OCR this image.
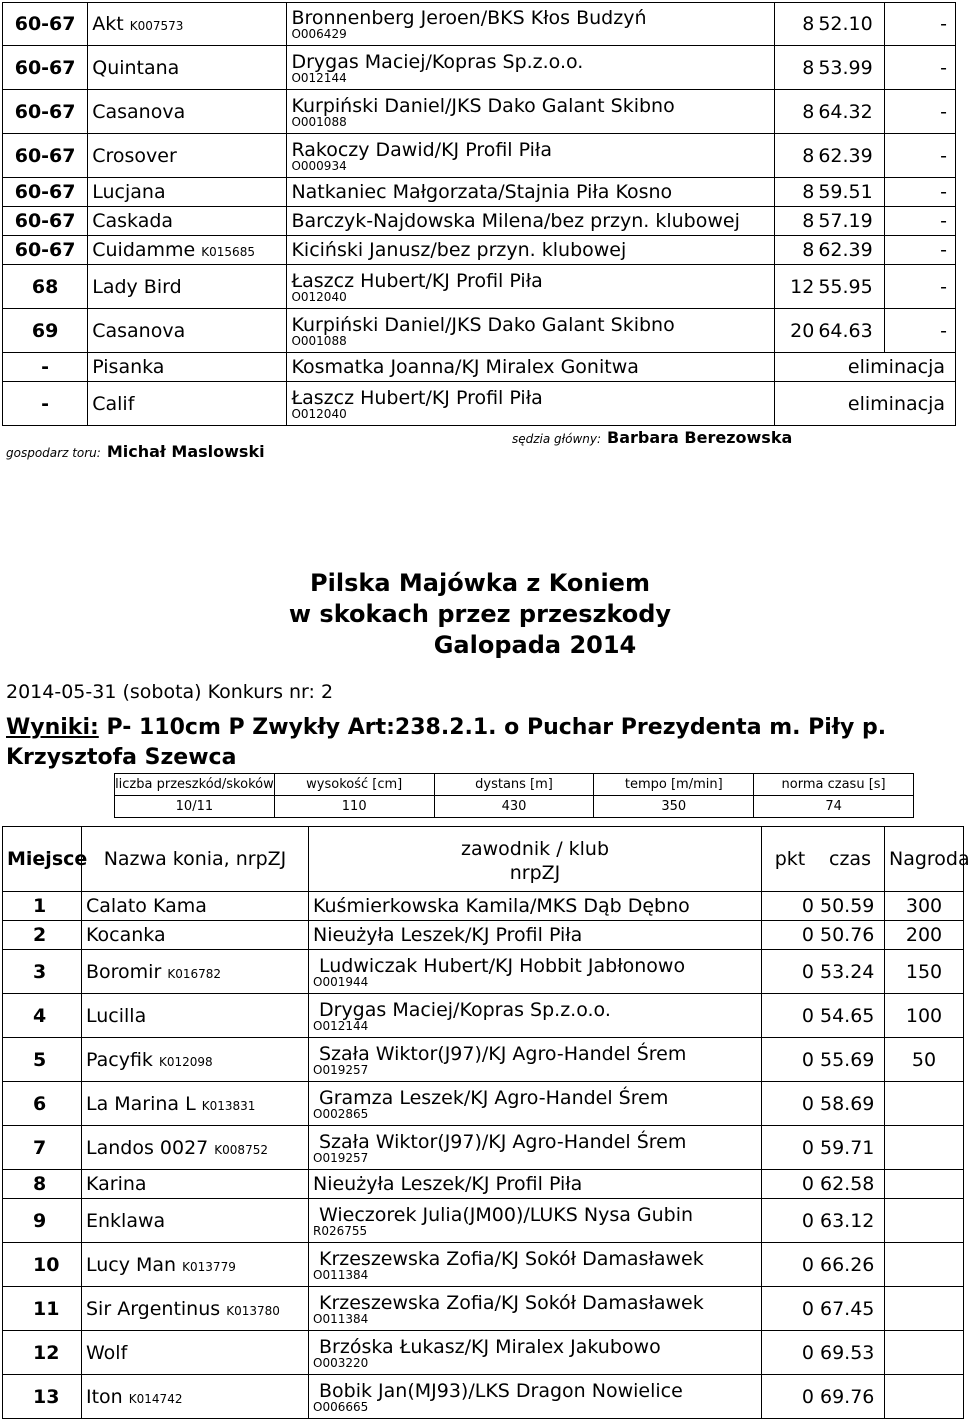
60-67	Akt K007573	Bronnenberg Jeroen/BKS Kłos Budzyń
O006429	8	52.10	-
60-67	Quintana	Drygas Maciej/Kopras Sp.z.o.o.
O012144	8	53.99	-
60-67	Casanova	Kurpiński Daniel/JKS Dako Galant Skibno
O001088	8	64.32	-
60-67	Crosover	Rakoczy Dawid/KJ Profil Piła
O000934	8	62.39	-
60-67	Lucjana	Natkaniec Małgorzata/Stajnia Piła Kosno	8	59.51	-
60-67	Caskada	Barczyk-Najdowska Milena/bez przyn. klubowej	8	57.19	-
60-67	Cuidamme K015685	Kiciński Janusz/bez przyn. klubowej	8	62.39	-
68	Lady Bird	Łaszcz Hubert/KJ Profil Piła
O012040	12	55.95	-
69	Casanova	Kurpiński Daniel/JKS Dako Galant Skibno
O001088	20	64.63	-
-	Pisanka	Kosmatka Joanna/KJ Miralex Gonitwa	eliminacja		
-	Calif	Łaszcz Hubert/KJ Profil Piła
O012040	eliminacja		
gospodarz toru: Michał Maslowski
sędzia główny: Barbara Berezowska
Pilska Majówka z Koniem
w skokach przez przeszkody
Galopada 2014
2014-05-31 (sobota) Konkurs nr: 2
Wyniki: P- 110cm P Zwykły Art:238.2.1. o Puchar Prezydenta m. Piły p. Krzysztofa Szewca
liczba przeszkód/skoków	wysokość [cm]	dystans [m]	tempo [m/min]	norma czasu [s]
10/11	110	430	350	74
Miejsce	Nazwa konia, nrpZJ	zawodnik / klub
nrpZJ	pkt	czas	Nagroda
1	Calato Kama	Kuśmierkowska Kamila/MKS Dąb Dębno	0	50.59	300
2	Kocanka	Nieużyła Leszek/KJ Profil Piła	0	50.76	200
3	Boromir K016782	Ludwiczak Hubert/KJ Hobbit Jabłonowo
O001944	0	53.24	150
4	Lucilla	Drygas Maciej/Kopras Sp.z.o.o.
O012144	0	54.65	100
5	Pacyfik K012098	Szała Wiktor(J97)/KJ Agro-Handel Śrem
O019257	0	55.69	50
6	La Marina L K013831	Gramza Leszek/KJ Agro-Handel Śrem
O002865	0	58.69	
7	Landos 0027 K008752	Szała Wiktor(J97)/KJ Agro-Handel Śrem
O019257	0	59.71	
8	Karina	Nieużyła Leszek/KJ Profil Piła	0	62.58	
9	Enklawa	Wieczorek Julia(JM00)/LUKS Nysa Gubin
R026755	0	63.12	
10	Lucy Man K013779	Krzeszewska Zofia/KJ Sokół Damasławek
O011384	0	66.26	
11	Sir Argentinus K013780	Krzeszewska Zofia/KJ Sokół Damasławek
O011384	0	67.45	
12	Wolf	Brzóska Łukasz/KJ Miralex Jakubowo
O003220	0	69.53	
13	Iton K014742	Bobik Jan(MJ93)/LKS Dragon Nowielice
O006665	0	69.76	
